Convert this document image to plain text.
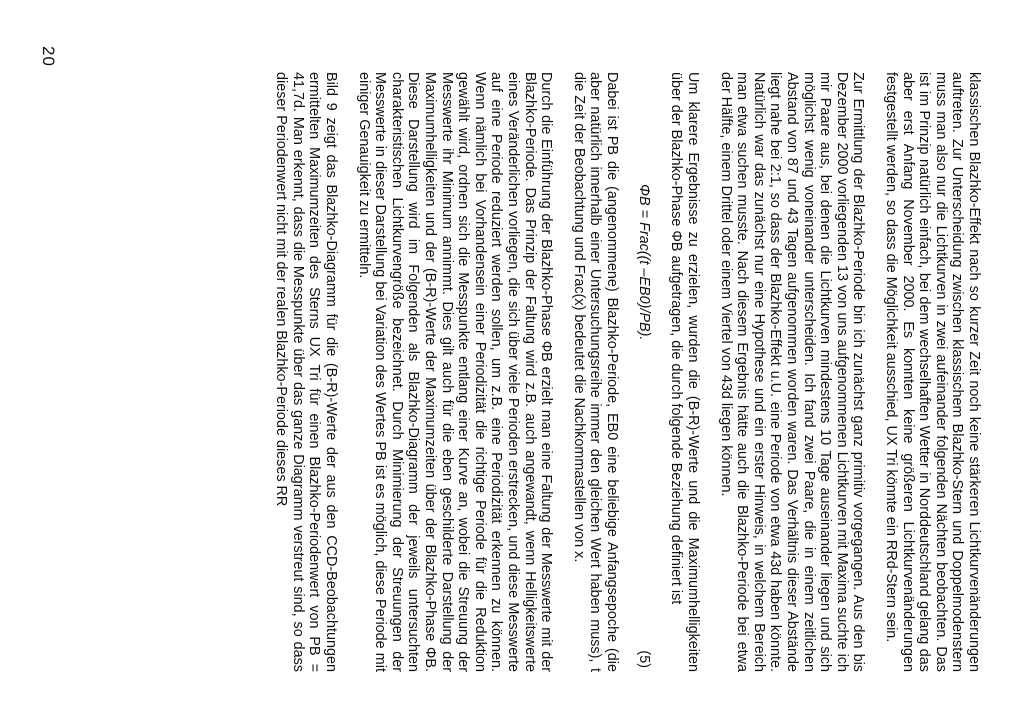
klassischen Blazhko-Effekt nach so kurzer Zeit noch keine stärkeren Lichtkurvenänderungen auftreten. Zur Unterscheidung zwischen klassischem Blazhko-Stern und Doppelmodenstern muss man also nur die Lichtkurven in zwei aufeinander folgenden Nächten beobachten. Das ist im Prinzip natürlich einfach, bei dem wechselhaften Wetter in Norddeutschland gelang das aber erst Anfang November 2000. Es konnten keine größeren Lichtkurvenänderungen festgestellt werden, so dass die Möglichkeit ausschied, UX Tri könnte ein RRd-Stern sein.

Zur Ermittlung der Blazhko-Periode bin ich zunächst ganz primitiv vorgegangen. Aus den bis Dezember 2000 vorliegenden 13 von uns aufgenommenen Lichtkurven mit Maxima suchte ich mir Paare aus, bei denen die Lichtkurven mindestens 10 Tage auseinander liegen und sich möglichst wenig voneinander unterscheiden. Ich fand zwei Paare, die in einem zeitlichen Abstand von 87 und 43 Tagen aufgenommen worden waren. Das Verhältnis dieser Abstände liegt nahe bei 2:1, so dass der Blazhko-Effekt u.U. eine Periode von etwa 43d haben könnte. Natürlich war das zunächst nur eine Hypothese und ein erster Hinweis, in welchem Bereich man etwa suchen musste. Nach diesem Ergebnis hätte auch die Blazhko-Periode bei etwa der Hälfte, einem Drittel oder einem Viertel von 43d liegen können.

Um klarere Ergebnisse zu erzielen, wurden die (B-R)-Werte und die Maximumhelligkeiten über der Blazhko-Phase ΦB aufgetragen, die durch folgende Beziehung definiert ist

ΦB = Frac((t –EB0)/PB).
(5)

Dabei ist PB die (angenommene) Blazhko-Periode, EB0 eine beliebige Anfangsepoche (die aber natürlich innerhalb einer Untersuchungsreihe immer den gleichen Wert haben muss), t die Zeit der Beobachtung und Frac(x) bedeutet die Nachkommastellen von x.

Durch die Einführung der Blazhko-Phase ΦB erzielt man eine Faltung der Messwerte mit der Blazhko-Periode. Das Prinzip der Faltung wird z.B. auch angewandt, wenn Helligkeitswerte eines Veränderlichen vorliegen, die sich über viele Perioden erstrecken, und diese Messwerte auf eine Periode reduziert werden sollen, um z.B. eine Periodizität erkennen zu können. Wenn nämlich bei Vorhandensein einer Periodizität die richtige Periode für die Reduktion gewählt wird, ordnen sich die Messpunkte entlang einer Kurve an, wobei die Streuung der Messwerte ihr Minimum annimmt. Dies gilt auch für die eben geschilderte Darstellung der Maximumhelligkeiten und der (B-R)-Werte der Maximumzeiten über der Blazhko-Phase ΦB. Diese Darstellung wird im Folgenden als Blazhko-Diagramm der jeweils untersuchten charakteristischen Lichtkurvengröße bezeichnet. Durch Minimierung der Streuungen der Messwerte in dieser Darstellung bei Variation des Wertes PB ist es möglich, diese Periode mit einiger Genauigkeit zu ermitteln.

Bild 9 zeigt das Blazhko-Diagramm für die (B-R)-Werte der aus den CCD-Beobachtungen ermittelten Maximumzeiten des Sterns UX Tri für einen Blazhko-Periodenwert von PB = 41,7d. Man erkennt, dass die Messpunkte über das ganze Diagramm verstreut sind, so dass dieser Periodenwert nicht mit der realen Blazhko-Periode dieses RR

20
